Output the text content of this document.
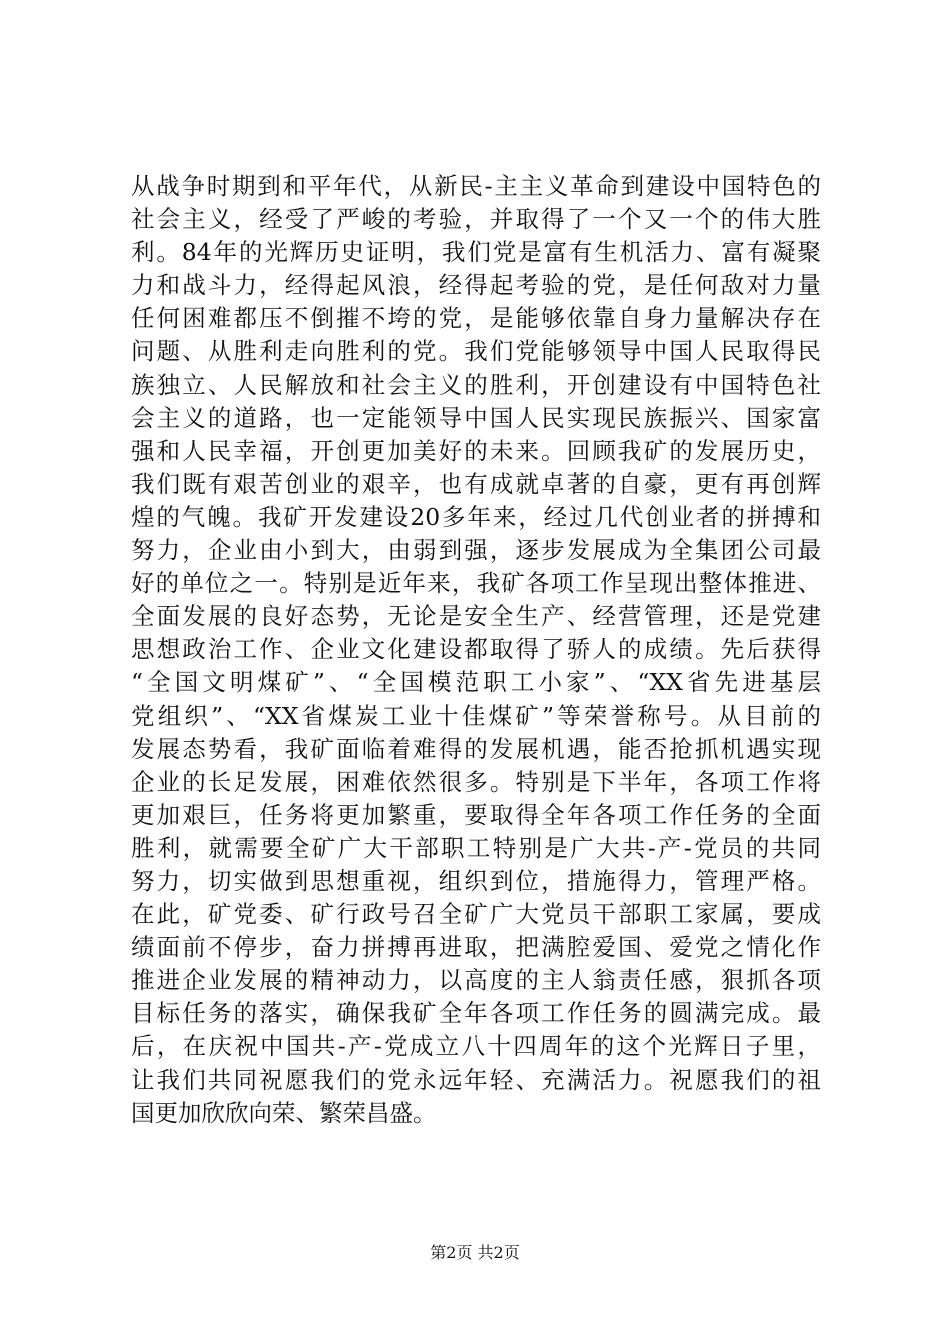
从战争时期到和平年代，从新民-主主义革命到建设中国特色的
社会主义，经受了严峻的考验，并取得了一个又一个的伟大胜
利。84年的光辉历史证明，我们党是富有生机活力、富有凝聚
力和战斗力，经得起风浪，经得起考验的党，是任何敌对力量
任何困难都压不倒摧不垮的党，是能够依靠自身力量解决存在
问题、从胜利走向胜利的党。我们党能够领导中国人民取得民
族独立、人民解放和社会主义的胜利，开创建设有中国特色社
会主义的道路，也一定能领导中国人民实现民族振兴、国家富
强和人民幸福，开创更加美好的未来。回顾我矿的发展历史，
我们既有艰苦创业的艰辛，也有成就卓著的自豪，更有再创辉
煌的气魄。我矿开发建设20多年来，经过几代创业者的拼搏和
努力，企业由小到大，由弱到强，逐步发展成为全集团公司最
好的单位之一。特别是近年来，我矿各项工作呈现出整体推进、
全面发展的良好态势，无论是安全生产、经营管理，还是党建
思想政治工作、企业文化建设都取得了骄人的成绩。先后获得
“全国文明煤矿”、“全国模范职工小家”、“XX省先进基层
党组织”、“XX省煤炭工业十佳煤矿”等荣誉称号。从目前的
发展态势看，我矿面临着难得的发展机遇，能否抢抓机遇实现
企业的长足发展，困难依然很多。特别是下半年，各项工作将
更加艰巨，任务将更加繁重，要取得全年各项工作任务的全面
胜利，就需要全矿广大干部职工特别是广大共-产-党员的共同
努力，切实做到思想重视，组织到位，措施得力，管理严格。
在此，矿党委、矿行政号召全矿广大党员干部职工家属，要成
绩面前不停步，奋力拼搏再进取，把满腔爱国、爱党之情化作
推进企业发展的精神动力，以高度的主人翁责任感，狠抓各项
目标任务的落实，确保我矿全年各项工作任务的圆满完成。最
后，在庆祝中国共-产-党成立八十四周年的这个光辉日子里，
让我们共同祝愿我们的党永远年轻、充满活力。祝愿我们的祖
国更加欣欣向荣、繁荣昌盛。
第2页 共2页
